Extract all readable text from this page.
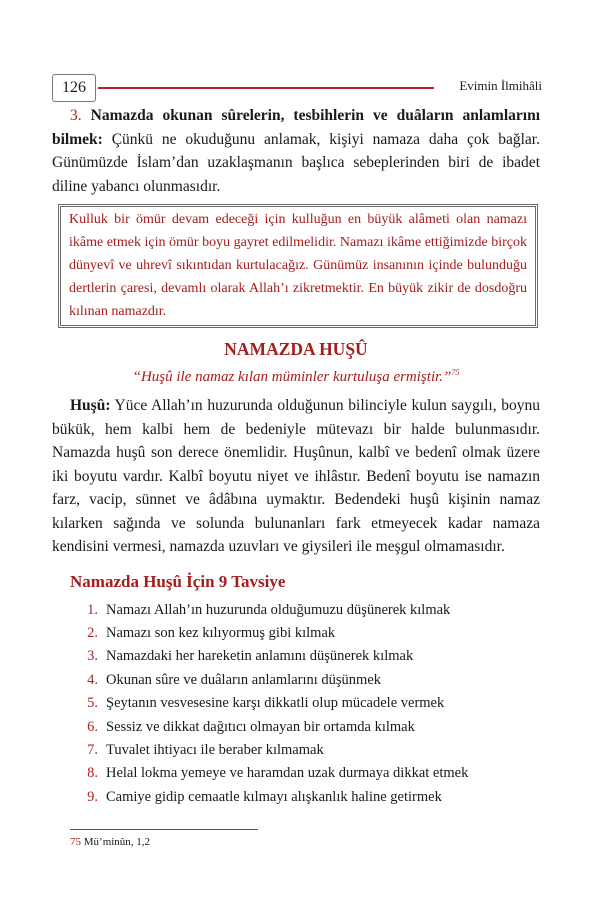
126	Evimin İlmihâli

3. Namazda okunan sûrelerin, tesbihlerin ve duâların anlamlarını bilmek: Çünkü ne okuduğunu anlamak, kişiyi namaza daha çok bağlar. Günümüzde İslam’dan uzaklaşmanın başlıca sebeplerinden biri de ibadet diline yabancı olunmasıdır.

Kulluk bir ömür devam edeceği için kulluğun en büyük alâmeti olan namazı ikâme etmek için ömür boyu gayret edilmelidir. Namazı ikâme ettiğimizde birçok dünyevî ve uhrevî sıkıntıdan kurtulacağız. Günümüz insanının içinde bulunduğu dertlerin çaresi, devamlı olarak Allah’ı zikretmektir. En büyük zikir de dosdoğru kılınan namazdır.
NAMAZDA HUŞÛ
“Huşû ile namaz kılan müminler kurtuluşa ermiştir.”$^{75}$

Huşû: Yüce Allah’ın huzurunda olduğunun bilinciyle kulun saygılı, boynu bükük, hem kalbi hem de bedeniyle mütevazı bir halde bulunmasıdır. Namazda huşû son derece önemlidir. Huşûnun, kalbî ve bedenî olmak üzere iki boyutu vardır. Kalbî boyutu niyet ve ihlâstır. Bedenî boyutu ise namazın farz, vacip, sünnet ve âdâbına uymaktır. Bedendeki huşû kişinin namaz kılarken sağında ve solunda bulunanları fark etmeyecek kadar namaza kendisini vermesi, namazda uzuvları ve giysileri ile meşgul olmamasıdır.

Namazda Huşû İçin 9 Tavsiye
1. Namazı Allah’ın huzurunda olduğumuzu düşünerek kılmak
2. Namazı son kez kılıyormuş gibi kılmak
3. Namazdaki her hareketin anlamını düşünerek kılmak
4. Okunan sûre ve duâların anlamlarını düşünmek
5. Şeytanın vesvesesine karşı dikkatli olup mücadele vermek
6. Sessiz ve dikkat dağıtıcı olmayan bir ortamda kılmak
7. Tuvalet ihtiyacı ile beraber kılmamak
8. Helal lokma yemeye ve haramdan uzak durmaya dikkat etmek
9. Camiye gidip cemaatle kılmayı alışkanlık haline getirmek
75 Mü’minûn, 1,2
